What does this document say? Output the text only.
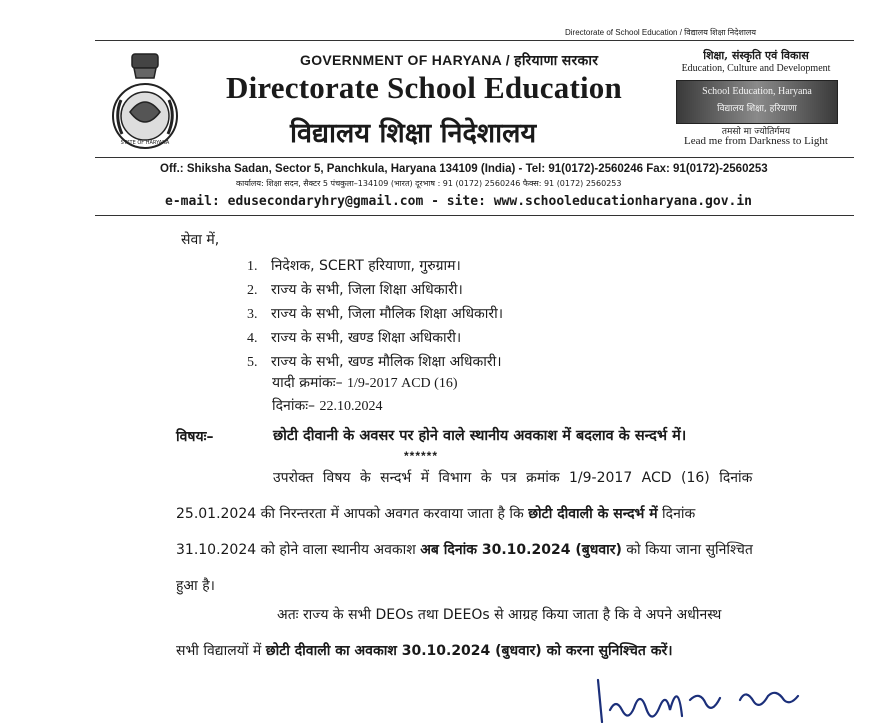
Directorate of School Education / विद्यालय शिक्षा निदेशालय
STATE OF HARYANA
GOVERNMENT OF HARYANA / हरियाणा सरकार
Directorate School Education
विद्यालय शिक्षा निदेशालय
शिक्षा, संस्कृति एवं विकास
Education, Culture and Development
School Education, Haryana
विद्यालय शिक्षा, हरियाणा
तमसो मा ज्योतिर्गमय
Lead me from Darkness to Light
Off.: Shiksha Sadan, Sector 5, Panchkula, Haryana 134109 (India) - Tel: 91(0172)-2560246 Fax: 91(0172)-2560253
कार्यालय: शिक्षा सदन, सैक्टर 5 पंचकुला–134109 (भारत) दूरभाष : 91 (0172) 2560246 फैक्स: 91 (0172) 2560253
e-mail: edusecondaryhry@gmail.com - site: www.schooleducationharyana.gov.in
सेवा में,
1. निदेशक, SCERT हरियाणा, गुरुग्राम।
2. राज्य के सभी, जिला शिक्षा अधिकारी।
3. राज्य के सभी, जिला मौलिक शिक्षा अधिकारी।
4. राज्य के सभी, खण्ड शिक्षा अधिकारी।
5. राज्य के सभी, खण्ड मौलिक शिक्षा अधिकारी।
यादी क्रमांकः– 1/9-2017 ACD (16)
दिनांकः– 22.10.2024
विषयः–	छोटी दीवानी के अवसर पर होने वाले स्थानीय अवकाश में बदलाव के सन्दर्भ में।
******
उपरोक्त विषय के सन्दर्भ में विभाग के पत्र क्रमांक 1/9-2017 ACD (16) दिनांक
25.01.2024 की निरन्तरता में आपको अवगत करवाया जाता है कि छोटी दीवाली के सन्दर्भ में दिनांक
31.10.2024 को होने वाला स्थानीय अवकाश अब दिनांक 30.10.2024 (बुधवार) को किया जाना सुनिश्चित
हुआ है।
अतः राज्य के सभी DEOs तथा DEEOs से आग्रह किया जाता है कि वे अपने अधीनस्थ
सभी विद्यालयों में छोटी दीवाली का अवकाश 30.10.2024 (बुधवार) को करना सुनिश्चित करें।
